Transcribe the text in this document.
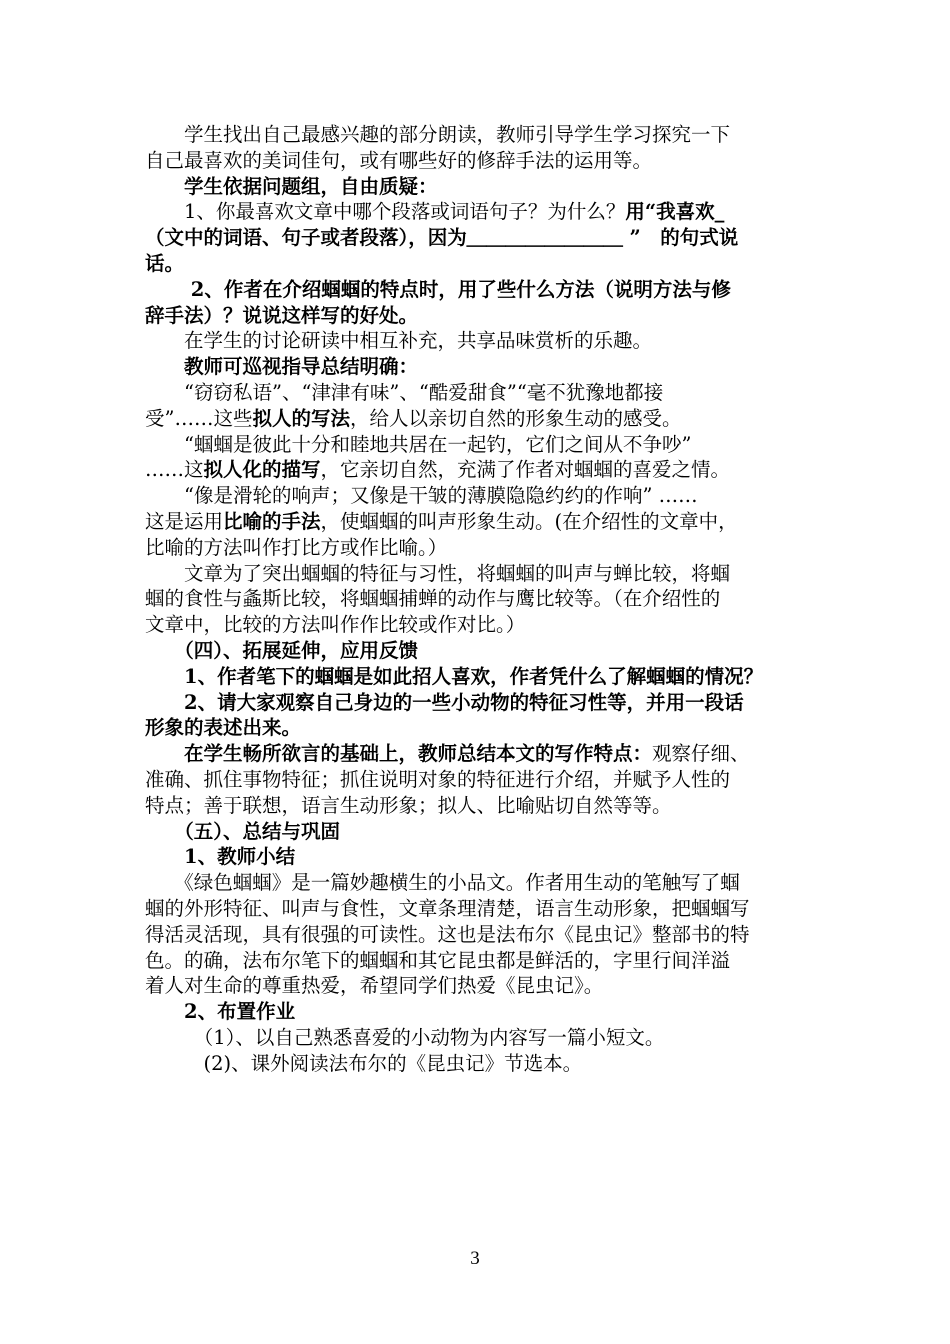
　　学生找出自己最感兴趣的部分朗读，教师引导学生学习探究一下
自己最喜欢的美词佳句，或有哪些好的修辞手法的运用等。
　　学生依据问题组，自由质疑：
　　1、你最喜欢文章中哪个段落或词语句子？为什么？用“我喜欢_
（文中的词语、句子或者段落），因为＿＿＿＿＿＿＿＿ ”　的句式说
话。
　　 2、作者在介绍蝈蝈的特点时，用了些什么方法（说明方法与修
辞手法）？说说这样写的好处。
　　在学生的讨论研读中相互补充，共享品味赏析的乐趣。
　　教师可巡视指导总结明确：
　　“窃窃私语”、“津津有味”、“酷爱甜食”“毫不犹豫地都接
受”……这些拟人的写法，给人以亲切自然的形象生动的感受。
　　“蝈蝈是彼此十分和睦地共居在一起钓，它们之间从不争吵”
……这拟人化的描写，它亲切自然，充满了作者对蝈蝈的喜爱之情。
　　“像是滑轮的响声；又像是干皱的薄膜隐隐约约的作响” ……
这是运用比喻的手法，使蝈蝈的叫声形象生动。(在介绍性的文章中，
比喻的方法叫作打比方或作比喻。）
　　文章为了突出蝈蝈的特征与习性，将蝈蝈的叫声与蝉比较，将蝈
蝈的食性与螽斯比较，将蝈蝈捕蝉的动作与鹰比较等。（在介绍性的
文章中，比较的方法叫作作比较或作对比。）
　　（四）、拓展延伸，应用反馈
　　1、作者笔下的蝈蝈是如此招人喜欢，作者凭什么了解蝈蝈的情况？
　　2、请大家观察自己身边的一些小动物的特征习性等，并用一段话
形象的表述出来。
　　在学生畅所欲言的基础上，教师总结本文的写作特点：观察仔细、
准确、抓住事物特征；抓住说明对象的特征进行介绍，并赋予人性的
特点；善于联想，语言生动形象；拟人、比喻贴切自然等等。
　　（五）、总结与巩固
　　1、教师小结
　　《绿色蝈蝈》是一篇妙趣横生的小品文。作者用生动的笔触写了蝈
蝈的外形特征、叫声与食性，文章条理清楚，语言生动形象，把蝈蝈写
得活灵活现，具有很强的可读性。这也是法布尔《昆虫记》整部书的特
色。的确，法布尔笔下的蝈蝈和其它昆虫都是鲜活的，字里行间洋溢
着人对生命的尊重热爱，希望同学们热爱《昆虫记》。
　　2、布置作业
　　　（1）、以自己熟悉喜爱的小动物为内容写一篇小短文。
　　　(2)、课外阅读法布尔的《昆虫记》节选本。
3
